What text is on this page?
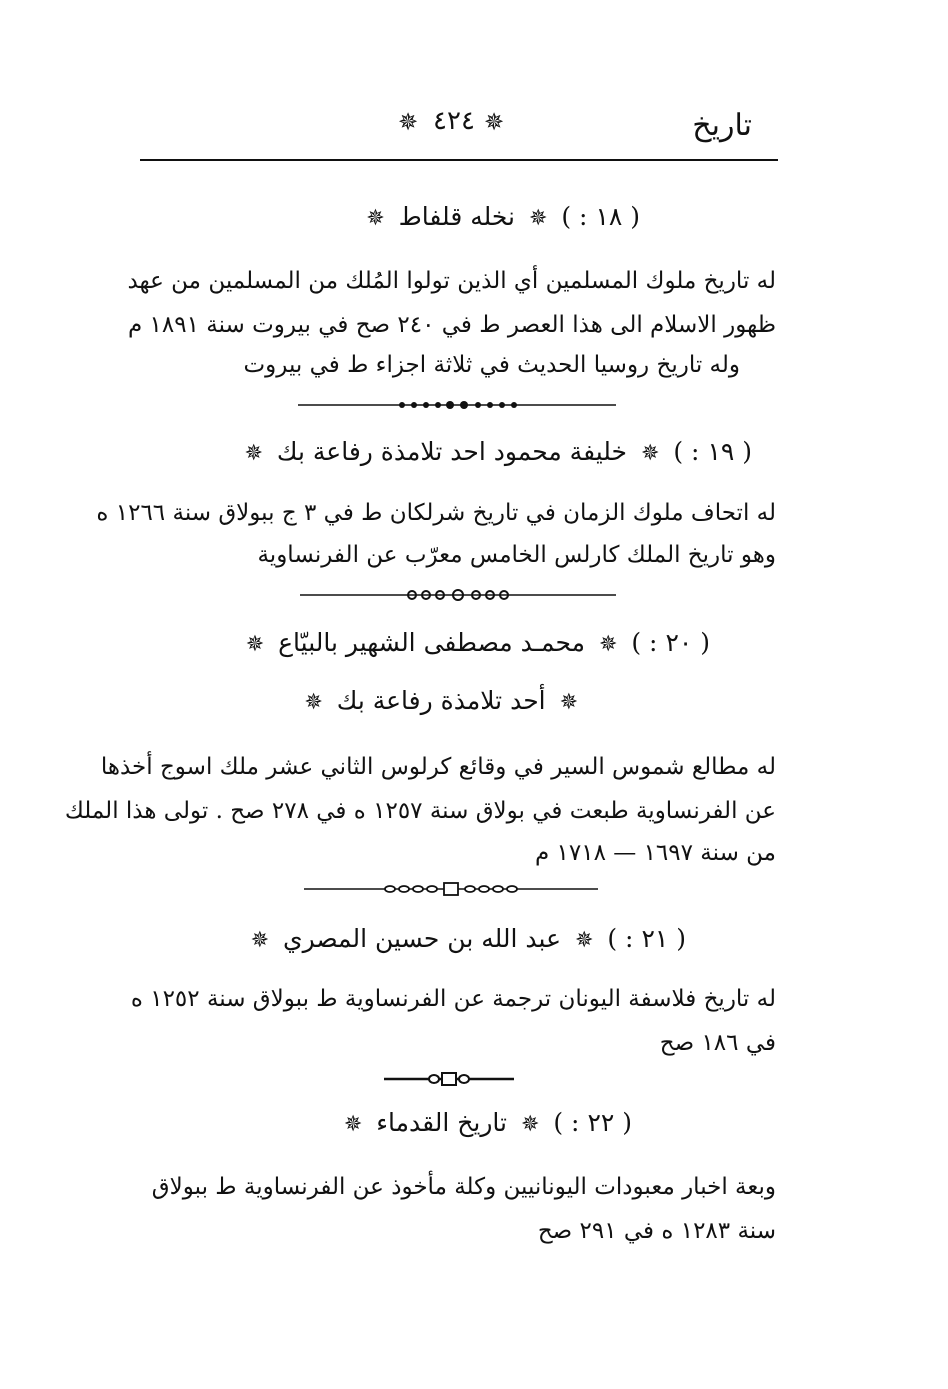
تاريخ
✵ ٤٢٤ ✵
( ١٨ : ) ✵ نخله قلفاط ✵
له تاريخ ملوك المسلمين أي الذين تولوا المُلك من المسلمين من عهد
ظهور الاسلام الى هذا العصر ط في ٢٤٠ صح في بيروت سنة ١٨٩١ م
وله تاريخ روسيا الحديث في ثلاثة اجزاء ط في بيروت
( ١٩ : ) ✵ خليفة محمود احد تلامذة رفاعة بك ✵
له اتحاف ملوك الزمان في تاريخ شرلكان ط في ٣ ج ببولاق سنة ١٢٦٦ ه
وهو تاريخ الملك كارلس الخامس معرّب عن الفرنساوية
( ٢٠ : ) ✵ محمـد مصطفى الشهير بالبيّاع ✵
✵ أحد تلامذة رفاعة بك ✵
له مطالع شموس السير في وقائع كرلوس الثاني عشر ملك اسوج أخذها
عن الفرنساوية طبعت في بولاق سنة ١٢٥٧ ه في ٢٧٨ صح . تولى هذا الملك
من سنة ١٦٩٧ — ١٧١٨ م
( ٢١ : ) ✵ عبد الله بن حسين المصري ✵
له تاريخ فلاسفة اليونان ترجمة عن الفرنساوية ط ببولاق سنة ١٢٥٢ ه
في ١٨٦ صح
( ٢٢ : ) ✵ تاريخ القدماء ✵
وبعة اخبار معبودات اليونانيين وكلة مأخوذ عن الفرنساوية ط ببولاق
سنة ١٢٨٣ ه في ٢٩١ صح
